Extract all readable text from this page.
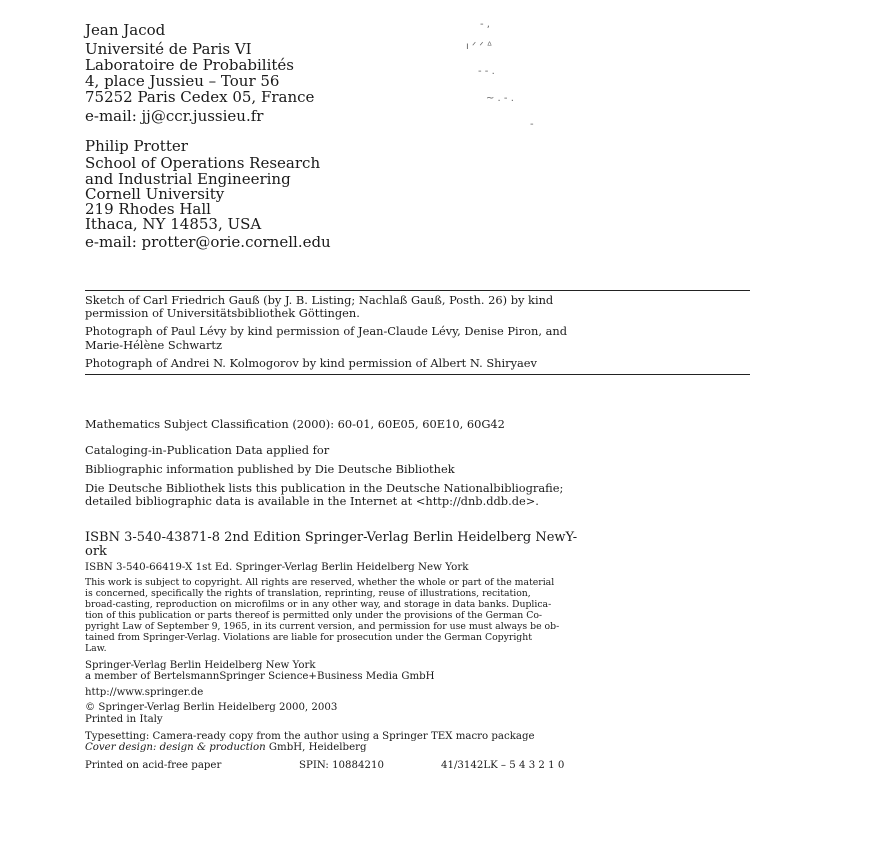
Jean Jacod
Université de Paris VI
Laboratoire de Probabilités
4, place Jussieu – Tour 56
75252 Paris Cedex 05, France
e-mail: jj@ccr.jussieu.fr
- ,
ı ᐟ ᐟ ᐞ
- - .
~ . - .
-
Philip Protter
School of Operations Research
and Industrial Engineering
Cornell University
219 Rhodes Hall
Ithaca, NY 14853, USA
e-mail: protter@orie.cornell.edu
Sketch of Carl Friedrich Gauß (by J. B. Listing; Nachlaß Gauß, Posth. 26) by kind
permission of Universitätsbibliothek Göttingen.
Photograph of Paul Lévy by kind permission of Jean-Claude Lévy, Denise Piron, and
Marie-Hélène Schwartz
Photograph of Andrei N. Kolmogorov by kind permission of Albert N. Shiryaev
Mathematics Subject Classification (2000): 60-01, 60E05, 60E10, 60G42
Cataloging-in-Publication Data applied for
Bibliographic information published by Die Deutsche Bibliothek
Die Deutsche Bibliothek lists this publication in the Deutsche Nationalbibliografie;
detailed bibliographic data is available in the Internet at <http://dnb.ddb.de>.
ISBN 3-540-43871-8 2nd Edition Springer-Verlag Berlin Heidelberg NewY-
ork
ISBN 3-540-66419-X 1st Ed. Springer-Verlag Berlin Heidelberg New York
This work is subject to copyright. All rights are reserved, whether the whole or part of the material
is concerned, specifically the rights of translation, reprinting, reuse of illustrations, recitation,
broad-casting, reproduction on microfilms or in any other way, and storage in data banks. Duplica-
tion of this publication or parts thereof is permitted only under the provisions of the German Co-
pyright Law of September 9, 1965, in its current version, and permission for use must always be ob-
tained from Springer-Verlag. Violations are liable for prosecution under the German Copyright
Law.
Springer-Verlag Berlin Heidelberg New York
a member of BertelsmannSpringer Science+Business Media GmbH
http://www.springer.de
© Springer-Verlag Berlin Heidelberg 2000, 2003
Printed in Italy
Typesetting: Camera-ready copy from the author using a Springer TEX macro package
Cover design: design & production GmbH, Heidelberg
Printed on acid-free paper	SPIN: 10884210	41/3142LK – 5 4 3 2 1 0
